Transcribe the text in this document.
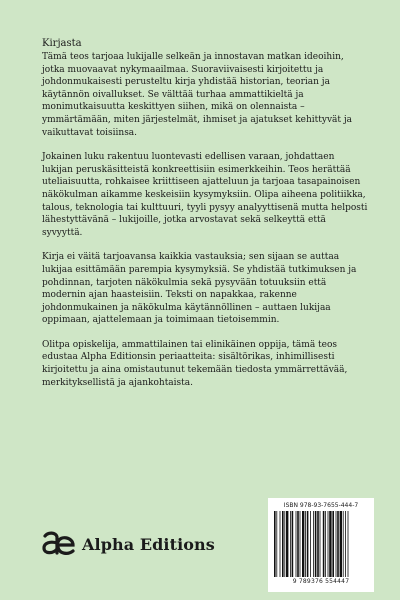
Kirjasta

Tämä teos tarjoaa lukijalle selkeän ja innostavan matkan ideoihin, jotka muovaavat nykymaailmaa. Suoraviivaisesti kirjoitettu ja johdonmukaisesti perusteltu kirja yhdistää historian, teorian ja käytännön oivallukset. Se välttää turhaa ammattikieltä ja monimutkaisuutta keskittyen siihen, mikä on olennaista – ymmärtämään, miten järjestelmät, ihmiset ja ajatukset kehittyvät ja vaikuttavat toisiinsa.

Jokainen luku rakentuu luontevasti edellisen varaan, johdattaen lukijan peruskäsitteistä konkreettisiin esimerkkeihin. Teos herättää uteliaisuutta, rohkaisee kriittiseen ajatteluun ja tarjoaa tasapainoisen näkökulman aikamme keskeisiin kysymyksiin. Olipa aiheena politiikka, talous, teknologia tai kulttuuri, tyyli pysyy analyyttisenä mutta helposti lähestyttävänä – lukijoille, jotka arvostavat sekä selkeyttä että syvyyttä.

Kirja ei väitä tarjoavansa kaikkia vastauksia; sen sijaan se auttaa lukijaa esittämään parempia kysymyksiä. Se yhdistää tutkimuksen ja pohdinnan, tarjoten näkökulmia sekä pysyvään totuuksiin että modernin ajan haasteisiin. Teksti on napakkaa, rakenne johdonmukainen ja näkökulma käytännöllinen – auttaen lukijaa oppimaan, ajattelemaan ja toimimaan tietoisemmin.

Olitpa opiskelija, ammattilainen tai elinikäinen oppija, tämä teos edustaa Alpha Editionsin periaatteita: sisältörikas, inhimillisesti kirjoitettu ja aina omistautunut tekemään tiedosta ymmärrettävää, merkityksellistä ja ajankohtaista.

Alpha Editions
ISBN 978-93-7655-444-7
9 789376 554447
